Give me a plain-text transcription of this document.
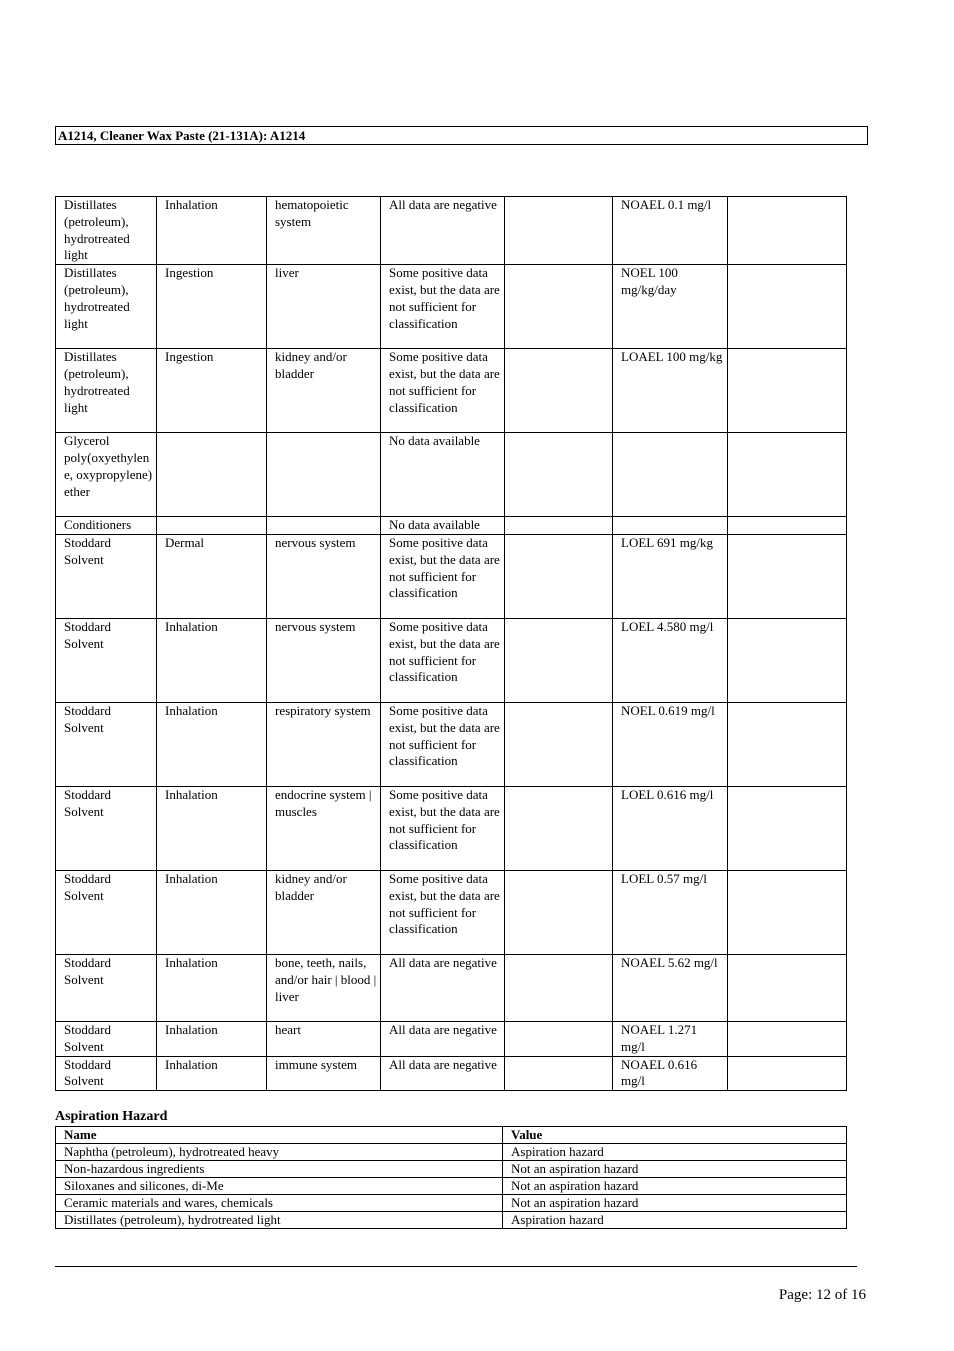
A1214, Cleaner Wax Paste (21-131A): A1214
Distillates (petroleum), hydrotreated light	Inhalation	hematopoietic system	All data are negative		NOAEL 0.1 mg/l	
Distillates (petroleum), hydrotreated light	Ingestion	liver	Some positive data exist, but the data are not sufficient for classification		NOEL 100 mg/kg/day	
Distillates (petroleum), hydrotreated light	Ingestion	kidney and/or bladder	Some positive data exist, but the data are not sufficient for classification		LOAEL 100 mg/kg	
Glycerol poly(oxyethylene, oxypropylene) ether			No data available			
Conditioners			No data available			
Stoddard Solvent	Dermal	nervous system	Some positive data exist, but the data are not sufficient for classification		LOEL 691 mg/kg	
Stoddard Solvent	Inhalation	nervous system	Some positive data exist, but the data are not sufficient for classification		LOEL 4.580 mg/l	
Stoddard Solvent	Inhalation	respiratory system	Some positive data exist, but the data are not sufficient for classification		NOEL 0.619 mg/l	
Stoddard Solvent	Inhalation	endocrine system | muscles	Some positive data exist, but the data are not sufficient for classification		LOEL 0.616 mg/l	
Stoddard Solvent	Inhalation	kidney and/or bladder	Some positive data exist, but the data are not sufficient for classification		LOEL 0.57 mg/l	
Stoddard Solvent	Inhalation	bone, teeth, nails, and/or hair | blood | liver	All data are negative		NOAEL 5.62 mg/l	
Stoddard Solvent	Inhalation	heart	All data are negative		NOAEL 1.271 mg/l	
Stoddard Solvent	Inhalation	immune system	All data are negative		NOAEL 0.616 mg/l	
Aspiration Hazard
Name	Value
Naphtha (petroleum), hydrotreated heavy	Aspiration hazard
Non-hazardous ingredients	Not an aspiration hazard
Siloxanes and silicones, di-Me	Not an aspiration hazard
Ceramic materials and wares, chemicals	Not an aspiration hazard
Distillates (petroleum), hydrotreated light	Aspiration hazard
Page: 12 of 16
